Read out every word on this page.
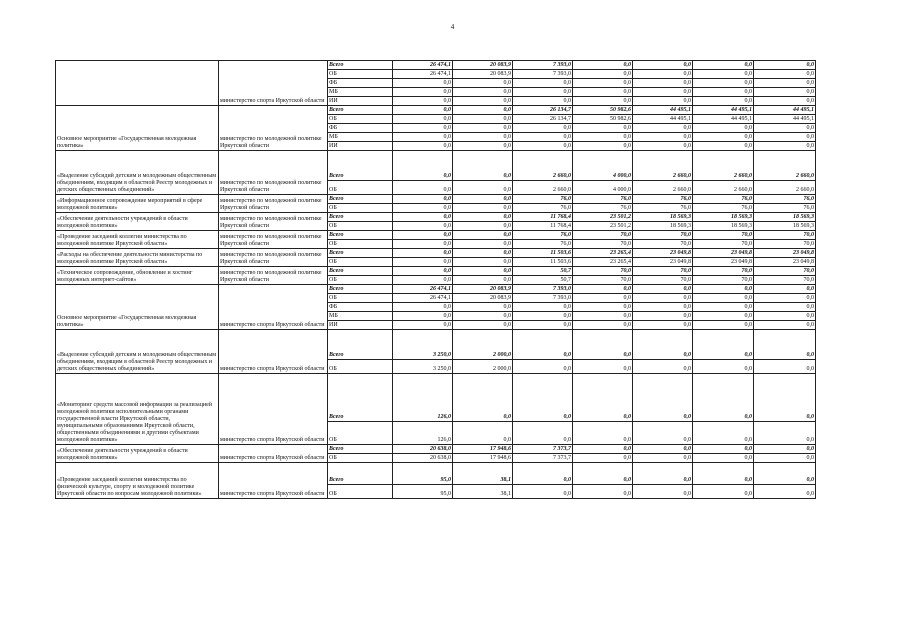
4
	министерство спорта Иркутской области	Всего	26 474,1	20 083,9	7 393,0	0,0	0,0	0,0	0,0
		ОБ	26 474,1	20 083,9	7 393,0	0,0	0,0	0,0	0,0
		ФБ	0,0	0,0	0,0	0,0	0,0	0,0	0,0
		МБ	0,0	0,0	0,0	0,0	0,0	0,0	0,0
		ИИ	0,0	0,0	0,0	0,0	0,0	0,0	0,0
Основное мероприятие «Государственная молодежная политика»	министерство по молодежной политике Иркутской области	Всего	0,0	0,0	26 134,7	50 982,6	44 495,1	44 495,1	44 495,1
		ОБ	0,0	0,0	26 134,7	50 982,6	44 495,1	44 495,1	44 495,1
		ФБ	0,0	0,0	0,0	0,0	0,0	0,0	0,0
		МБ	0,0	0,0	0,0	0,0	0,0	0,0	0,0
		ИИ	0,0	0,0	0,0	0,0	0,0	0,0	0,0
«Выделение субсидий детским и молодежным общественным объединениям, входящим в областной Реестр молодежных и детских общественных объединений»	министерство по молодежной политике Иркутской области	Всего	0,0	0,0	2 660,0	4 000,0	2 660,0	2 660,0	2 660,0
		ОБ	0,0	0,0	2 660,0	4 000,0	2 660,0	2 660,0	2 660,0
«Информационное сопровождение мероприятий в сфере молодежной политики»	министерство по молодежной политике Иркутской области	Всего	0,0	0,0	76,0	76,0	76,0	76,0	76,0
		ОБ	0,0	0,0	76,0	76,0	76,0	76,0	76,0
«Обеспечение деятельности учреждений в области молодежной политики»	министерство по молодежной политике Иркутской области	Всего	0,0	0,0	11 768,4	23 501,2	18 569,3	18 569,3	18 569,3
		ОБ	0,0	0,0	11 768,4	23 501,2	18 569,3	18 569,3	18 569,3
«Проведение заседаний коллегии министерства по молодежной политике Иркутской области»	министерство по молодежной политике Иркутской области	Всего	0,0	0,0	76,0	70,0	70,0	70,0	70,0
		ОБ	0,0	0,0	76,0	70,0	70,0	70,0	70,0
«Расходы на обеспечение деятельности министерства по молодежной политике Иркутской области»	министерство по молодежной политике Иркутской области	Всего	0,0	0,0	11 503,6	23 265,4	23 049,8	23 049,8	23 049,8
		ОБ	0,0	0,0	11 503,6	23 265,4	23 049,8	23 049,8	23 049,8
«Техническое сопровождение, обновление и хостинг молодежных интернет-сайтов»	министерство по молодежной политике Иркутской области	Всего	0,0	0,0	50,7	70,0	70,0	70,0	70,0
		ОБ	0,0	0,0	50,7	70,0	70,0	70,0	70,0
Основное мероприятие «Государственная молодежная политика»	министерство спорта Иркутской области	Всего	26 474,1	20 083,9	7 393,0	0,0	0,0	0,0	0,0
		ОБ	26 474,1	20 083,9	7 393,0	0,0	0,0	0,0	0,0
		ФБ	0,0	0,0	0,0	0,0	0,0	0,0	0,0
		МБ	0,0	0,0	0,0	0,0	0,0	0,0	0,0
		ИИ	0,0	0,0	0,0	0,0	0,0	0,0	0,0
«Выделение субсидий детским и молодежным общественным объединениям, входящим в областной Реестр молодежных и детских общественных объединений»	министерство спорта Иркутской области	Всего	3 250,0	2 000,0	0,0	0,0	0,0	0,0	0,0
		ОБ	3 250,0	2 000,0	0,0	0,0	0,0	0,0	0,0
«Мониторинг средств массовой информации за реализацией молодежной политики исполнительными органами государственной власти Иркутской области, муниципальными образованиями Иркутской области, общественными объединениями и другими субъектами молодежной политики»	министерство спорта Иркутской области	Всего	126,0	0,0	0,0	0,0	0,0	0,0	0,0
		ОБ	126,0	0,0	0,0	0,0	0,0	0,0	0,0
«Обеспечение деятельности учреждений в области молодежной политики»	министерство спорта Иркутской области	Всего	20 638,0	17 948,6	7 373,7	0,0	0,0	0,0	0,0
		ОБ	20 638,0	17 948,6	7 373,7	0,0	0,0	0,0	0,0
«Проведение заседаний коллегии министерства по физической культуре, спорту и молодежной политике Иркутской области по вопросам молодежной политики»	министерство спорта Иркутской области	Всего	95,0	38,1	0,0	0,0	0,0	0,0	0,0
		ОБ	95,0	38,1	0,0	0,0	0,0	0,0	0,0
